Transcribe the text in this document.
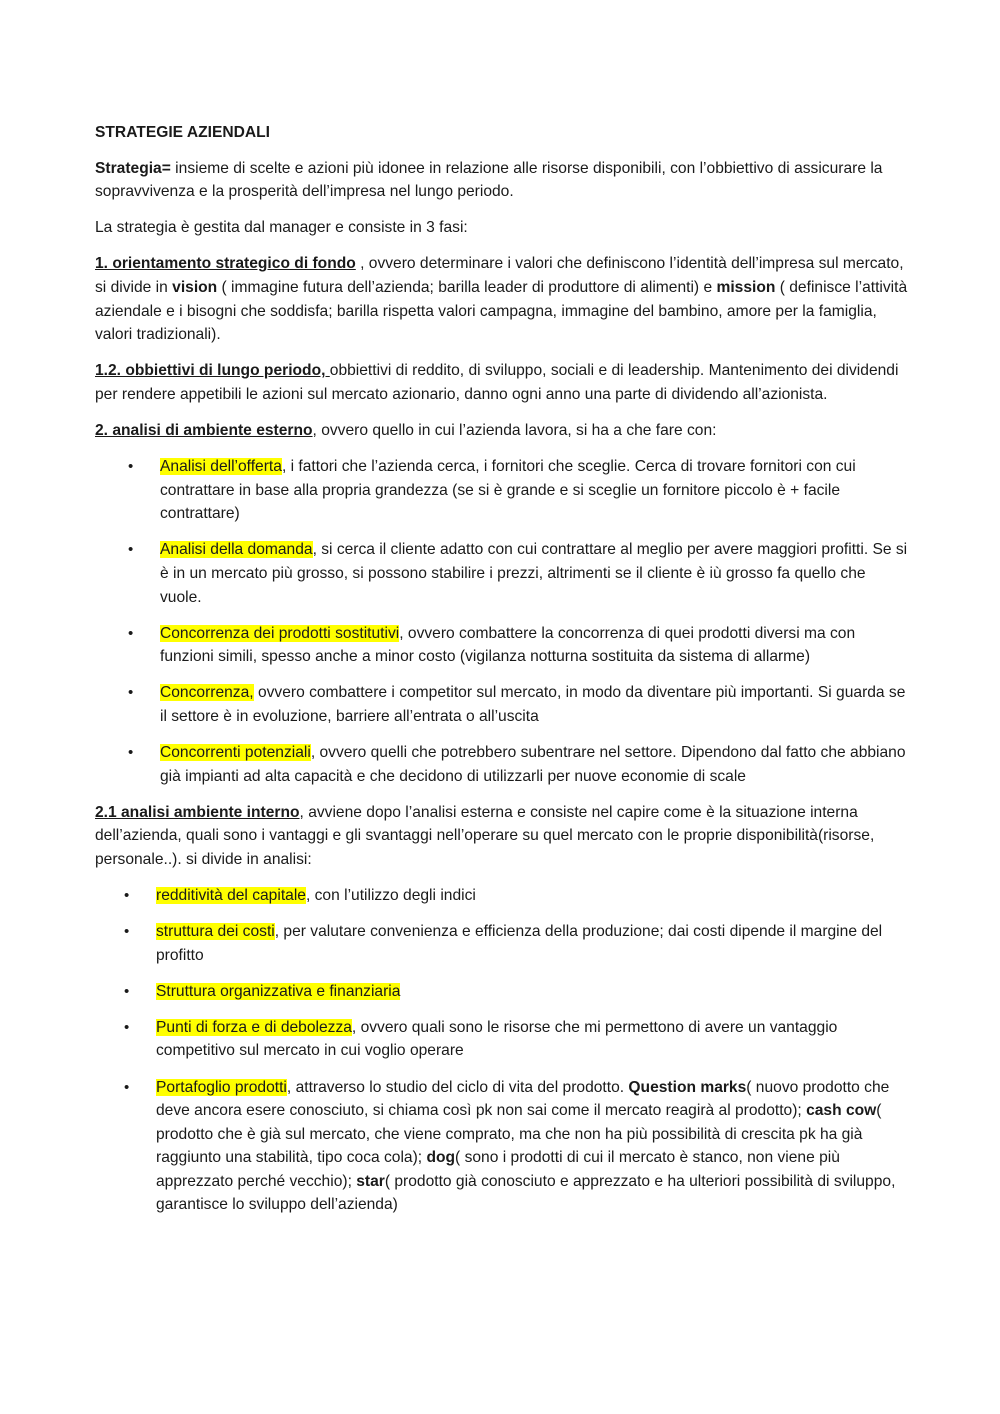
STRATEGIE AZIENDALI

Strategia= insieme di scelte e azioni più idonee in relazione alle risorse disponibili, con l’obbiettivo di assicurare la sopravvivenza e la prosperità dell’impresa nel lungo periodo.

La strategia è gestita dal manager e consiste in 3 fasi:

1. orientamento strategico di fondo , ovvero determinare i valori che definiscono l’identità dell’impresa sul mercato, si divide in vision ( immagine futura dell’azienda; barilla leader di produttore di alimenti) e mission ( definisce l’attività aziendale e i bisogni che soddisfa; barilla rispetta valori campagna, immagine del bambino, amore per la famiglia, valori tradizionali).

1.2. obbiettivi di lungo periodo, obbiettivi di reddito, di sviluppo, sociali e di leadership. Mantenimento dei dividendi per rendere appetibili le azioni sul mercato azionario, danno ogni anno una parte di dividendo all’azionista.

2. analisi di ambiente esterno, ovvero quello in cui l’azienda lavora, si ha a che fare con:

• Analisi dell’offerta, i fattori che l’azienda cerca, i fornitori che sceglie. Cerca di trovare fornitori con cui contrattare in base alla propria grandezza (se si è grande e si sceglie un fornitore piccolo è + facile contrattare)
• Analisi della domanda, si cerca il cliente adatto con cui contrattare al meglio per avere maggiori profitti. Se si è in un mercato più grosso, si possono stabilire i prezzi, altrimenti se il cliente è iù grosso fa quello che vuole.
• Concorrenza dei prodotti sostitutivi, ovvero combattere la concorrenza di quei prodotti diversi ma con funzioni simili, spesso anche a minor costo (vigilanza notturna sostituita da sistema di allarme)
• Concorrenza, ovvero combattere i competitor sul mercato, in modo da diventare più importanti. Si guarda se il settore è in evoluzione, barriere all’entrata o all’uscita
• Concorrenti potenziali, ovvero quelli che potrebbero subentrare nel settore. Dipendono dal fatto che abbiano già impianti ad alta capacità e che decidono di utilizzarli per nuove economie di scale

2.1 analisi ambiente interno, avviene dopo l’analisi esterna e consiste nel capire come è la situazione interna dell’azienda, quali sono i vantaggi e gli svantaggi nell’operare su quel mercato con le proprie disponibilità(risorse, personale..). si divide in analisi:

• redditività del capitale, con l’utilizzo degli indici
• struttura dei costi, per valutare convenienza e efficienza della produzione; dai costi dipende il margine del profitto
• Struttura organizzativa e finanziaria
• Punti di forza e di debolezza, ovvero quali sono le risorse che mi permettono di avere un vantaggio competitivo sul mercato in cui voglio operare
• Portafoglio prodotti, attraverso lo studio del ciclo di vita del prodotto. Question marks( nuovo prodotto che deve ancora esere conosciuto, si chiama così pk non sai come il mercato reagirà al prodotto); cash cow( prodotto che è già sul mercato, che viene comprato, ma che non ha più possibilità di crescita pk ha già raggiunto una stabilità, tipo coca cola); dog( sono i prodotti di cui il mercato è stanco, non viene più apprezzato perché vecchio); star( prodotto già conosciuto e apprezzato e ha ulteriori possibilità di sviluppo, garantisce lo sviluppo dell’azienda)
